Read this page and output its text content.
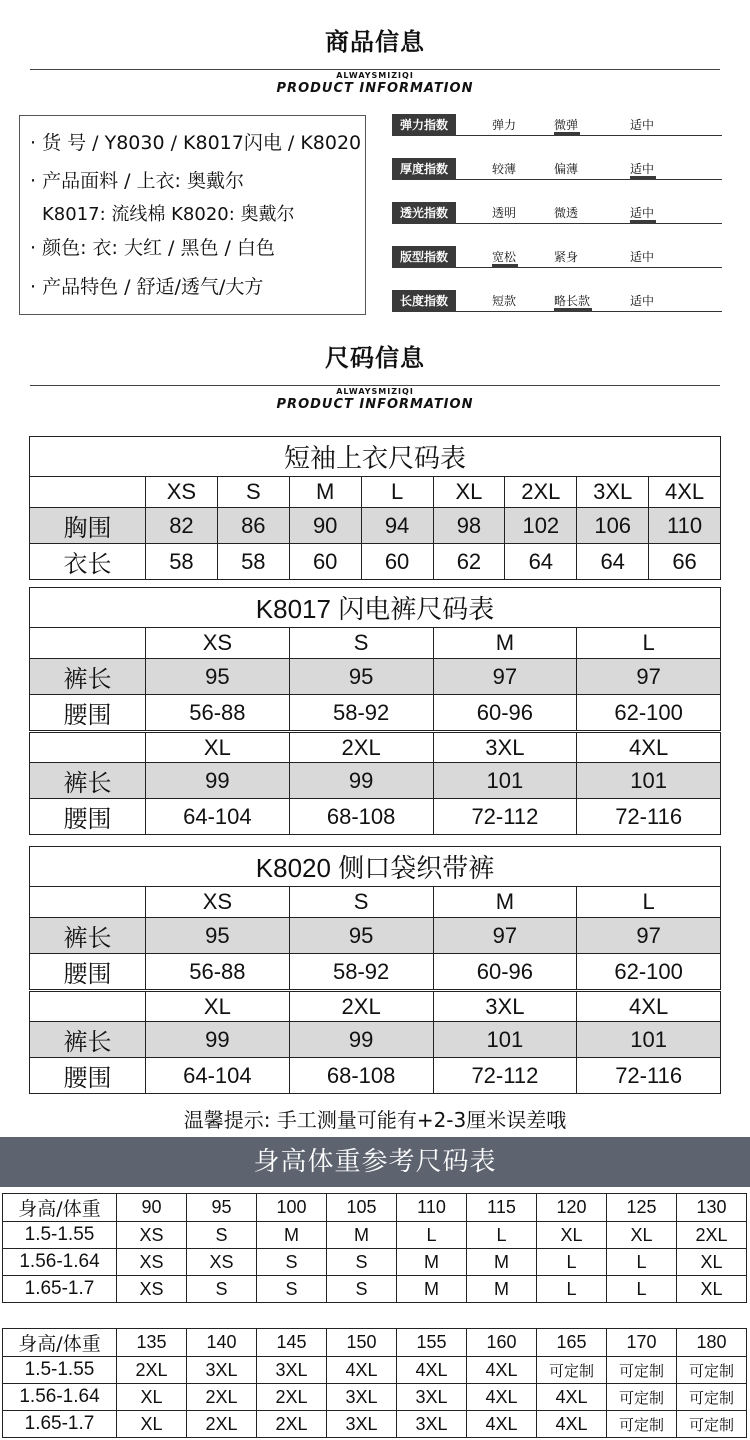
商品信息
ALWAYSMIZIQI
PRODUCT INFORMATION
· 货 号 / Y8030 / K8017闪电 / K8020
· 产品面料 / 上衣: 奥戴尔
K8017: 流线棉 K8020: 奥戴尔
· 颜色: 衣: 大红 / 黑色 / 白色
· 产品特色 / 舒适/透气/大方
弹力指数	弹力	微弹	适中
厚度指数	较薄	偏薄	适中
透光指数	透明	微透	适中
版型指数	宽松	紧身	适中
长度指数	短款	略长款	适中
尺码信息
ALWAYSMIZIQI
PRODUCT INFORMATION
短袖上衣尺码表								
	XS	S	M	L	XL	2XL	3XL	4XL
胸围	82	86	90	94	98	102	106	110
衣长	58	58	60	60	62	64	64	66
K8017 闪电裤尺码表				
	XS	S	M	L
裤长	95	95	97	97
腰围	56-88	58-92	60-96	62-100
	XL	2XL	3XL	4XL
裤长	99	99	101	101
腰围	64-104	68-108	72-112	72-116
K8020 侧口袋织带裤				
	XS	S	M	L
裤长	95	95	97	97
腰围	56-88	58-92	60-96	62-100
	XL	2XL	3XL	4XL
裤长	99	99	101	101
腰围	64-104	68-108	72-112	72-116
温馨提示: 手工测量可能有+2-3厘米误差哦
身高体重参考尺码表
身高/体重	90	95	100	105	110	115	120	125	130
1.5-1.55	XS	S	M	M	L	L	XL	XL	2XL
1.56-1.64	XS	XS	S	S	M	M	L	L	XL
1.65-1.7	XS	S	S	S	M	M	L	L	XL
身高/体重	135	140	145	150	155	160	165	170	180
1.5-1.55	2XL	3XL	3XL	4XL	4XL	4XL	可定制	可定制	可定制
1.56-1.64	XL	2XL	2XL	3XL	3XL	4XL	4XL	可定制	可定制
1.65-1.7	XL	2XL	2XL	3XL	3XL	4XL	4XL	可定制	可定制
